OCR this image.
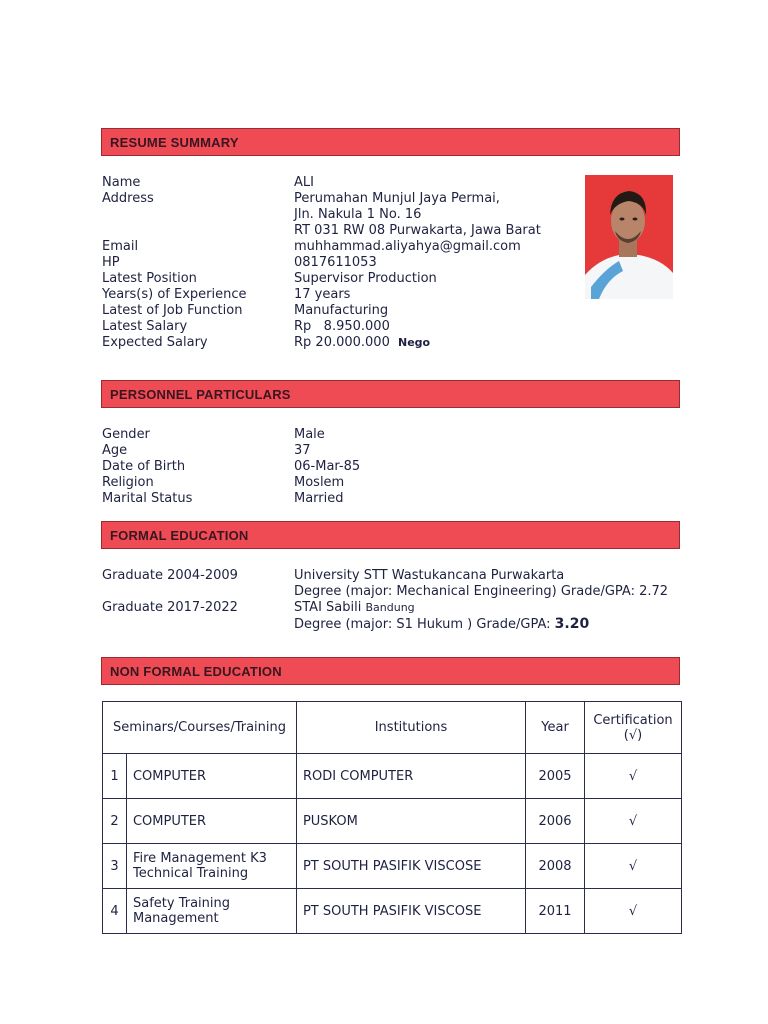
RESUME SUMMARY
Name	ALI
Address	Perumahan Munjul Jaya Permai,
Jln. Nakula 1 No. 16
RT 031 RW 08 Purwakarta, Jawa Barat
Email	muhhammad.aliyahya@gmail.com
HP	0817611053
Latest Position	Supervisor Production
Years(s) of Experience	17 years
Latest of Job Function	Manufacturing
Latest Salary	Rp   8.950.000
Expected Salary	Rp 20.000.000 Nego
PERSONNEL PARTICULARS
Gender	Male
Age	37
Date of Birth	06-Mar-85
Religion	Moslem
Marital Status	Married
FORMAL EDUCATION
Graduate 2004-2009	University STT Wastukancana Purwakarta
Degree (major: Mechanical Engineering) Grade/GPA: 2.72
Graduate 2017-2022	STAI Sabili Bandung
Degree (major: S1 Hukum ) Grade/GPA: 3.20
NON FORMAL EDUCATION
Seminars/Courses/Training		Institutions	Year	Certification
(√)

1	COMPUTER	RODI COMPUTER	2005	√
2	COMPUTER	PUSKOM	2006	√
3	Fire Management K3
Technical Training	PT SOUTH PASIFIK VISCOSE	2008	√
4	Safety Training
Management	PT SOUTH PASIFIK VISCOSE	2011	√
